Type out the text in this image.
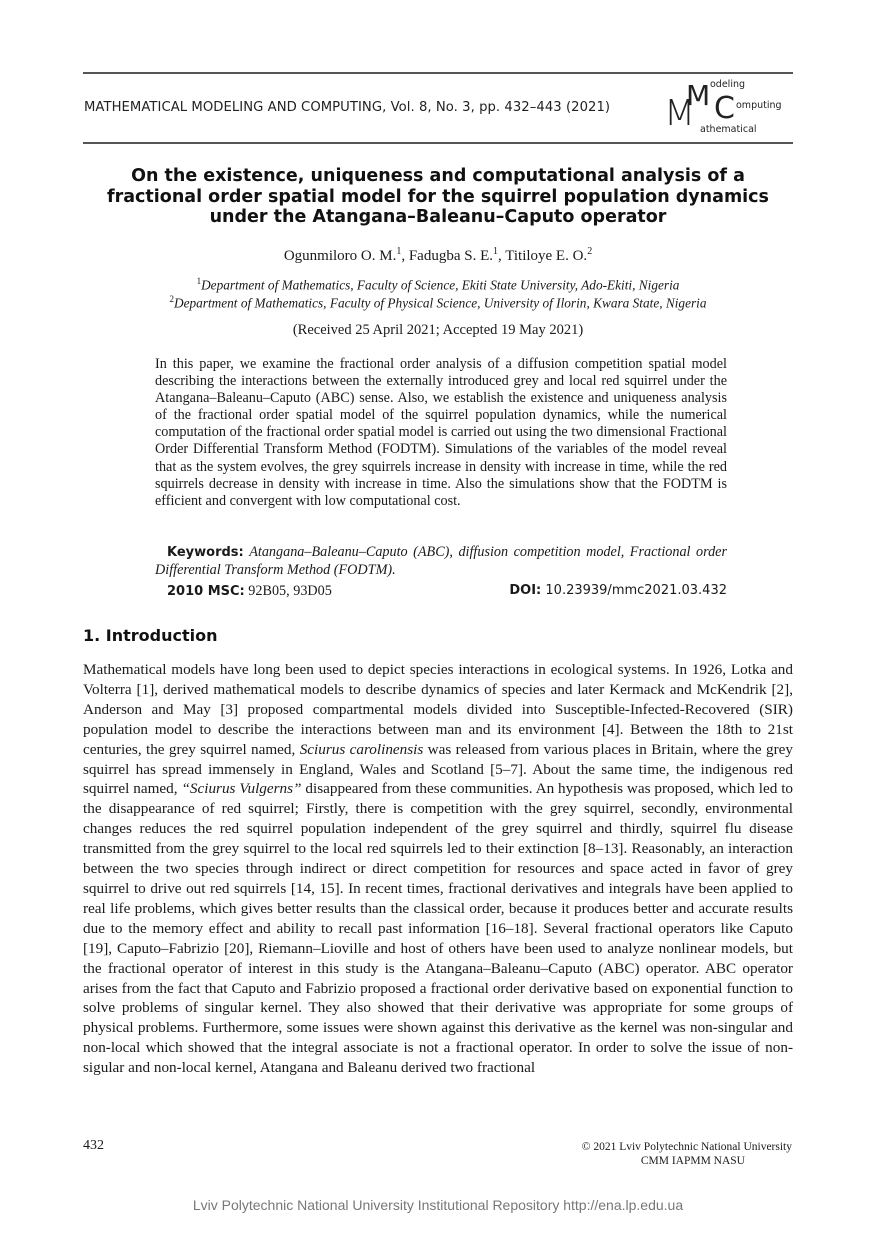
MATHEMATICAL MODELING AND COMPUTING, Vol. 8, No. 3, pp. 432–443 (2021) M
M C
odeling
omputing
athematical
On the existence, uniqueness and computational analysis of a fractional order spatial model for the squirrel population dynamics under the Atangana–Baleanu–Caputo operator
Ogunmiloro O. M.$^1$, Fadugba S. E.$^1$, Titiloye E. O.$^2$
$^1$Department of Mathematics, Faculty of Science, Ekiti State University, Ado-Ekiti, Nigeria
$^2$Department of Mathematics, Faculty of Physical Science, University of Ilorin, Kwara State, Nigeria
(Received 25 April 2021; Accepted 19 May 2021)
In this paper, we examine the fractional order analysis of a diffusion competition spatial model describing the interactions between the externally introduced grey and local red squirrel under the Atangana–Baleanu–Caputo (ABC) sense. Also, we establish the existence and uniqueness analysis of the fractional order spatial model of the squirrel population dynamics, while the numerical computation of the fractional order spatial model is carried out using the two dimensional Fractional Order Differential Transform Method (FODTM). Simulations of the variables of the model reveal that as the system evolves, the grey squirrels increase in density with increase in time, while the red squirrels decrease in density with increase in time. Also the simulations show that the FODTM is efficient and convergent with low computational cost.
Keywords: Atangana–Baleanu–Caputo (ABC), diffusion competition model, Fractional order Differential Transform Method (FODTM).
2010 MSC: 92B05, 93D05	DOI: 10.23939/mmc2021.03.432
1. Introduction

Mathematical models have long been used to depict species interactions in ecological systems. In 1926, Lotka and Volterra [1], derived mathematical models to describe dynamics of species and later Kermack and McKendrik [2], Anderson and May [3] proposed compartmental models divided into Susceptible-Infected-Recovered (SIR) population model to describe the interactions between man and its environment [4]. Between the 18th to 21st centuries, the grey squirrel named, Sciurus carolinensis was released from various places in Britain, where the grey squirrel has spread immensely in England, Wales and Scotland [5–7]. About the same time, the indigenous red squirrel named, “Sciurus Vulgerns” disappeared from these communities. An hypothesis was proposed, which led to the disappearance of red squirrel; Firstly, there is competition with the grey squirrel, secondly, environmental changes reduces the red squirrel population independent of the grey squirrel and thirdly, squirrel flu disease transmitted from the grey squirrel to the local red squirrels led to their extinction [8–13]. Reasonably, an interaction between the two species through indirect or direct competition for resources and space acted in favor of grey squirrel to drive out red squirrels [14, 15]. In recent times, fractional derivatives and integrals have been applied to real life problems, which gives better results than the classical order, because it produces better and accurate results due to the memory effect and ability to recall past information [16–18]. Several fractional operators like Caputo [19], Caputo–Fabrizio [20], Riemann–Lioville and host of others have been used to analyze nonlinear models, but the fractional operator of interest in this study is the Atangana–Baleanu–Caputo (ABC) operator. ABC operator arises from the fact that Caputo and Fabrizio proposed a fractional order derivative based on exponential function to solve problems of singular kernel. They also showed that their derivative was appropriate for some groups of physical problems. Furthermore, some issues were shown against this derivative as the kernel was non-singular and non-local which showed that the integral associate is not a fractional operator. In order to solve the issue of non-sigular and non-local kernel, Atangana and Baleanu derived two fractional

432	© 2021 Lviv Polytechnic National University
CMM IAPMM NASU
Lviv Polytechnic National University Institutional Repository http://ena.lp.edu.ua
